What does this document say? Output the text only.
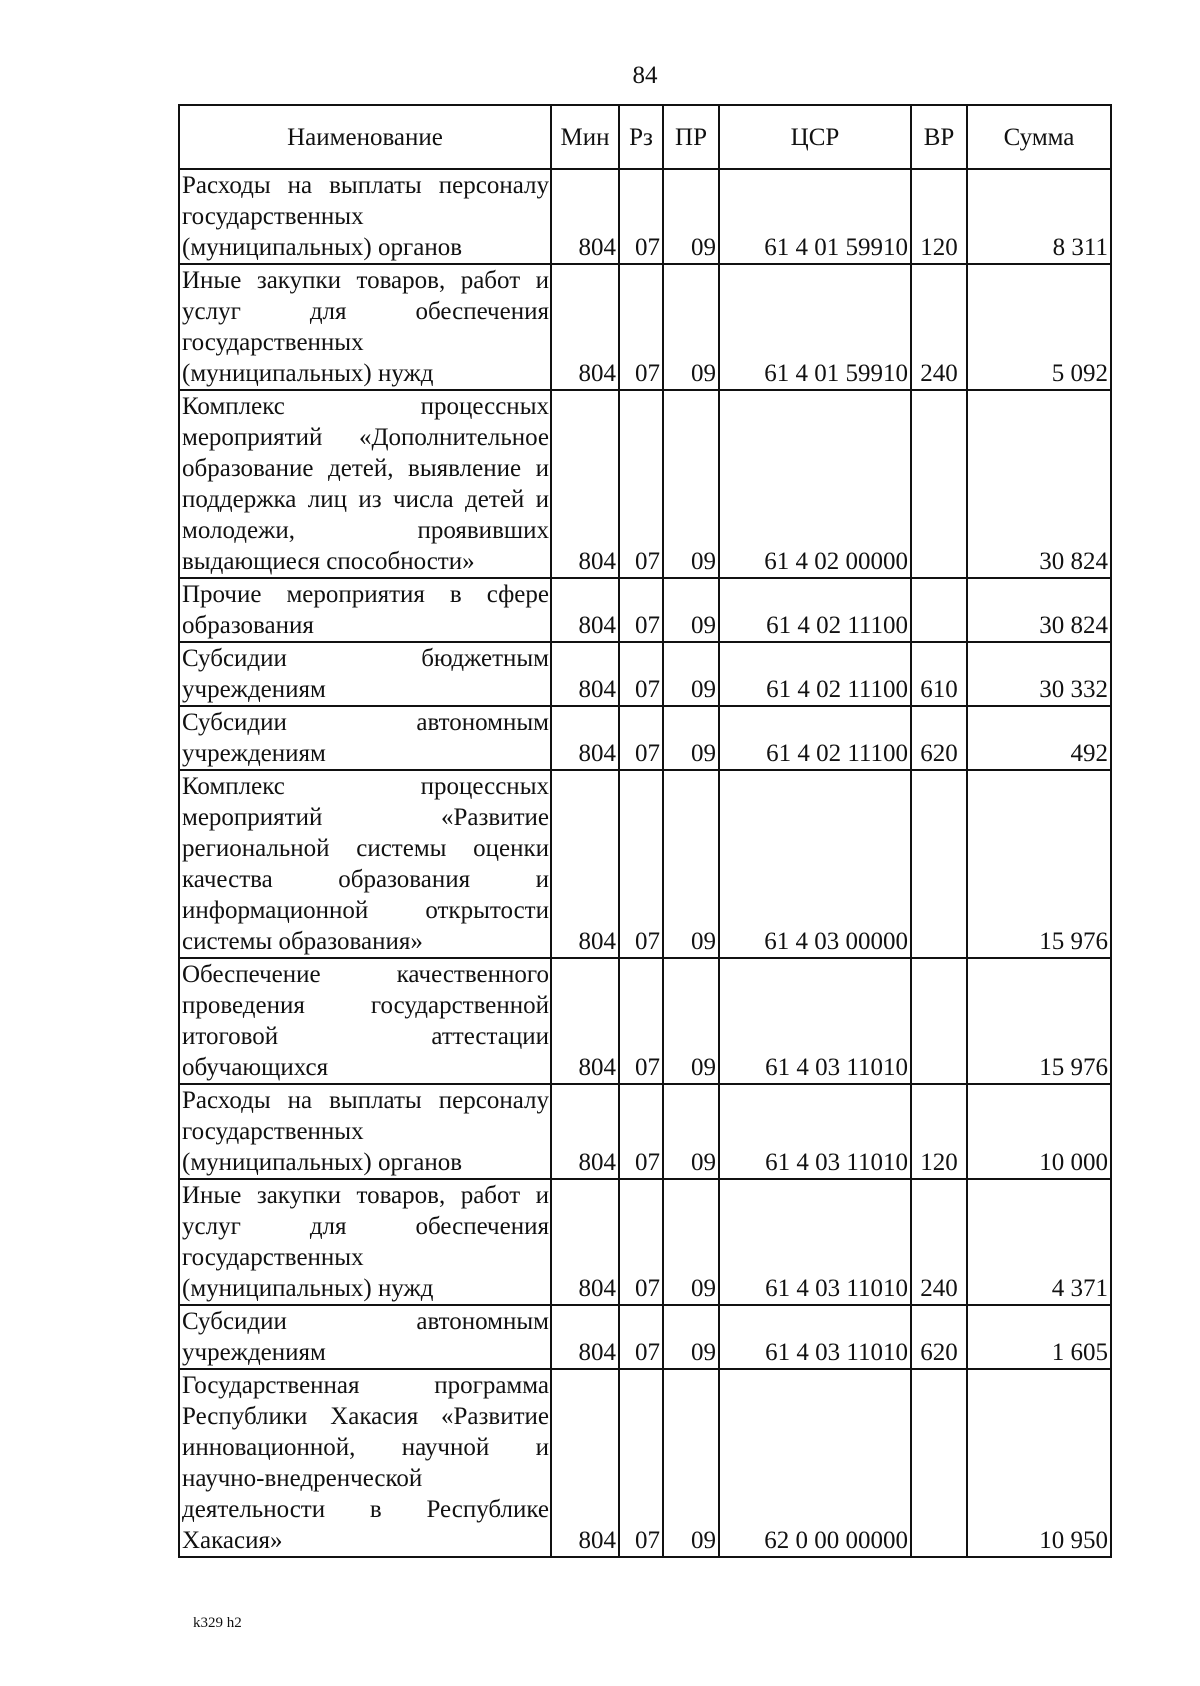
84
Наименование	Мин	Рз	ПР	ЦСР	ВР	Сумма
Расходы на выплаты персоналу государственных (муниципальных) органов	804	07	09	61 4 01 59910	120	8 311
Иные закупки товаров, работ и услуг для обеспечения государственных (муниципальных) нужд	804	07	09	61 4 01 59910	240	5 092
Комплекс процессных мероприятий «Дополнительное образование детей, выявление и поддержка лиц из числа детей и молодежи, проявивших выдающиеся способности»	804	07	09	61 4 02 00000		30 824
Прочие мероприятия в сфере образования	804	07	09	61 4 02 11100		30 824
Субсидии бюджетным учреждениям	804	07	09	61 4 02 11100	610	30 332
Субсидии автономным учреждениям	804	07	09	61 4 02 11100	620	492
Комплекс процессных мероприятий «Развитие региональной системы оценки качества образования и информационной открытости системы образования»	804	07	09	61 4 03 00000		15 976
Обеспечение качественного проведения государственной итоговой аттестации обучающихся	804	07	09	61 4 03 11010		15 976
Расходы на выплаты персоналу государственных (муниципальных) органов	804	07	09	61 4 03 11010	120	10 000
Иные закупки товаров, работ и услуг для обеспечения государственных (муниципальных) нужд	804	07	09	61 4 03 11010	240	4 371
Субсидии автономным учреждениям	804	07	09	61 4 03 11010	620	1 605
Государственная программа Республики Хакасия «Развитие инновационной, научной и научно-внедренческой деятельности в Республике Хакасия»	804	07	09	62 0 00 00000		10 950
k329 h2
